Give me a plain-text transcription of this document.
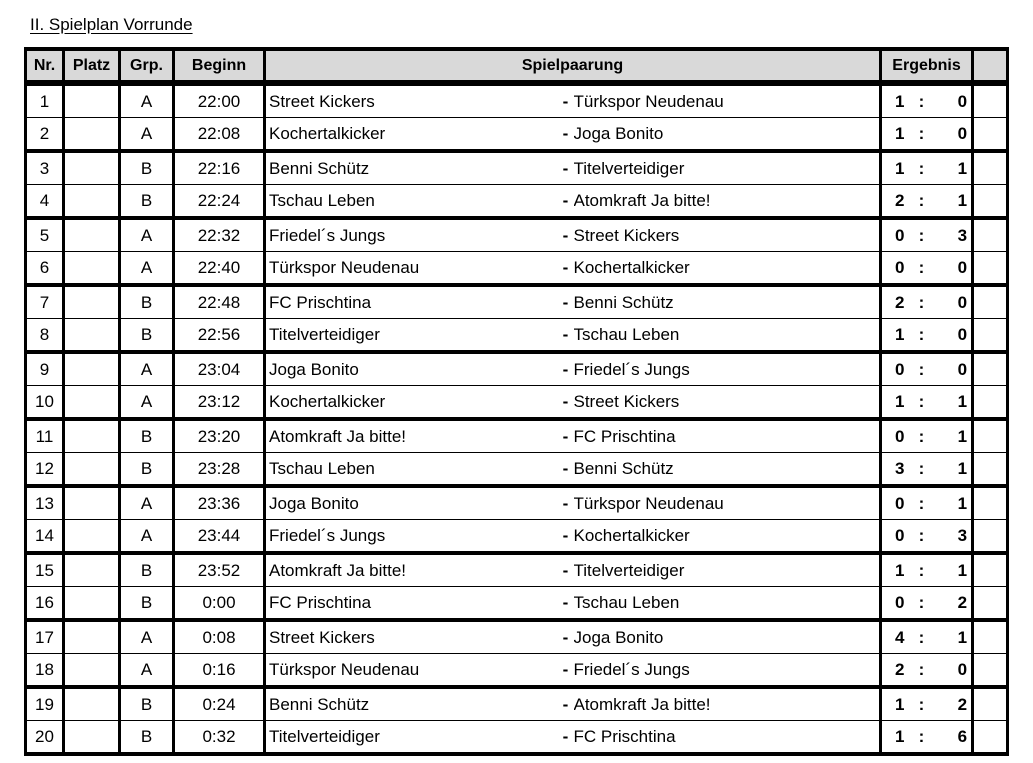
II. Spielplan Vorrunde
Nr.	Platz	Grp.	Beginn	Spielpaarung			Ergebnis			
1		A	22:00	Street Kickers	-	Türkspor Neudenau	1	:	0	
2		A	22:08	Kochertalkicker	-	Joga Bonito	1	:	0	
3		B	22:16	Benni Schütz	-	Titelverteidiger	1	:	1	
4		B	22:24	Tschau Leben	-	Atomkraft Ja bitte!	2	:	1	
5		A	22:32	Friedel´s Jungs	-	Street Kickers	0	:	3	
6		A	22:40	Türkspor Neudenau	-	Kochertalkicker	0	:	0	
7		B	22:48	FC Prischtina	-	Benni Schütz	2	:	0	
8		B	22:56	Titelverteidiger	-	Tschau Leben	1	:	0	
9		A	23:04	Joga Bonito	-	Friedel´s Jungs	0	:	0	
10		A	23:12	Kochertalkicker	-	Street Kickers	1	:	1	
11		B	23:20	Atomkraft Ja bitte!	-	FC Prischtina	0	:	1	
12		B	23:28	Tschau Leben	-	Benni Schütz	3	:	1	
13		A	23:36	Joga Bonito	-	Türkspor Neudenau	0	:	1	
14		A	23:44	Friedel´s Jungs	-	Kochertalkicker	0	:	3	
15		B	23:52	Atomkraft Ja bitte!	-	Titelverteidiger	1	:	1	
16		B	0:00	FC Prischtina	-	Tschau Leben	0	:	2	
17		A	0:08	Street Kickers	-	Joga Bonito	4	:	1	
18		A	0:16	Türkspor Neudenau	-	Friedel´s Jungs	2	:	0	
19		B	0:24	Benni Schütz	-	Atomkraft Ja bitte!	1	:	2	
20		B	0:32	Titelverteidiger	-	FC Prischtina	1	:	6	
